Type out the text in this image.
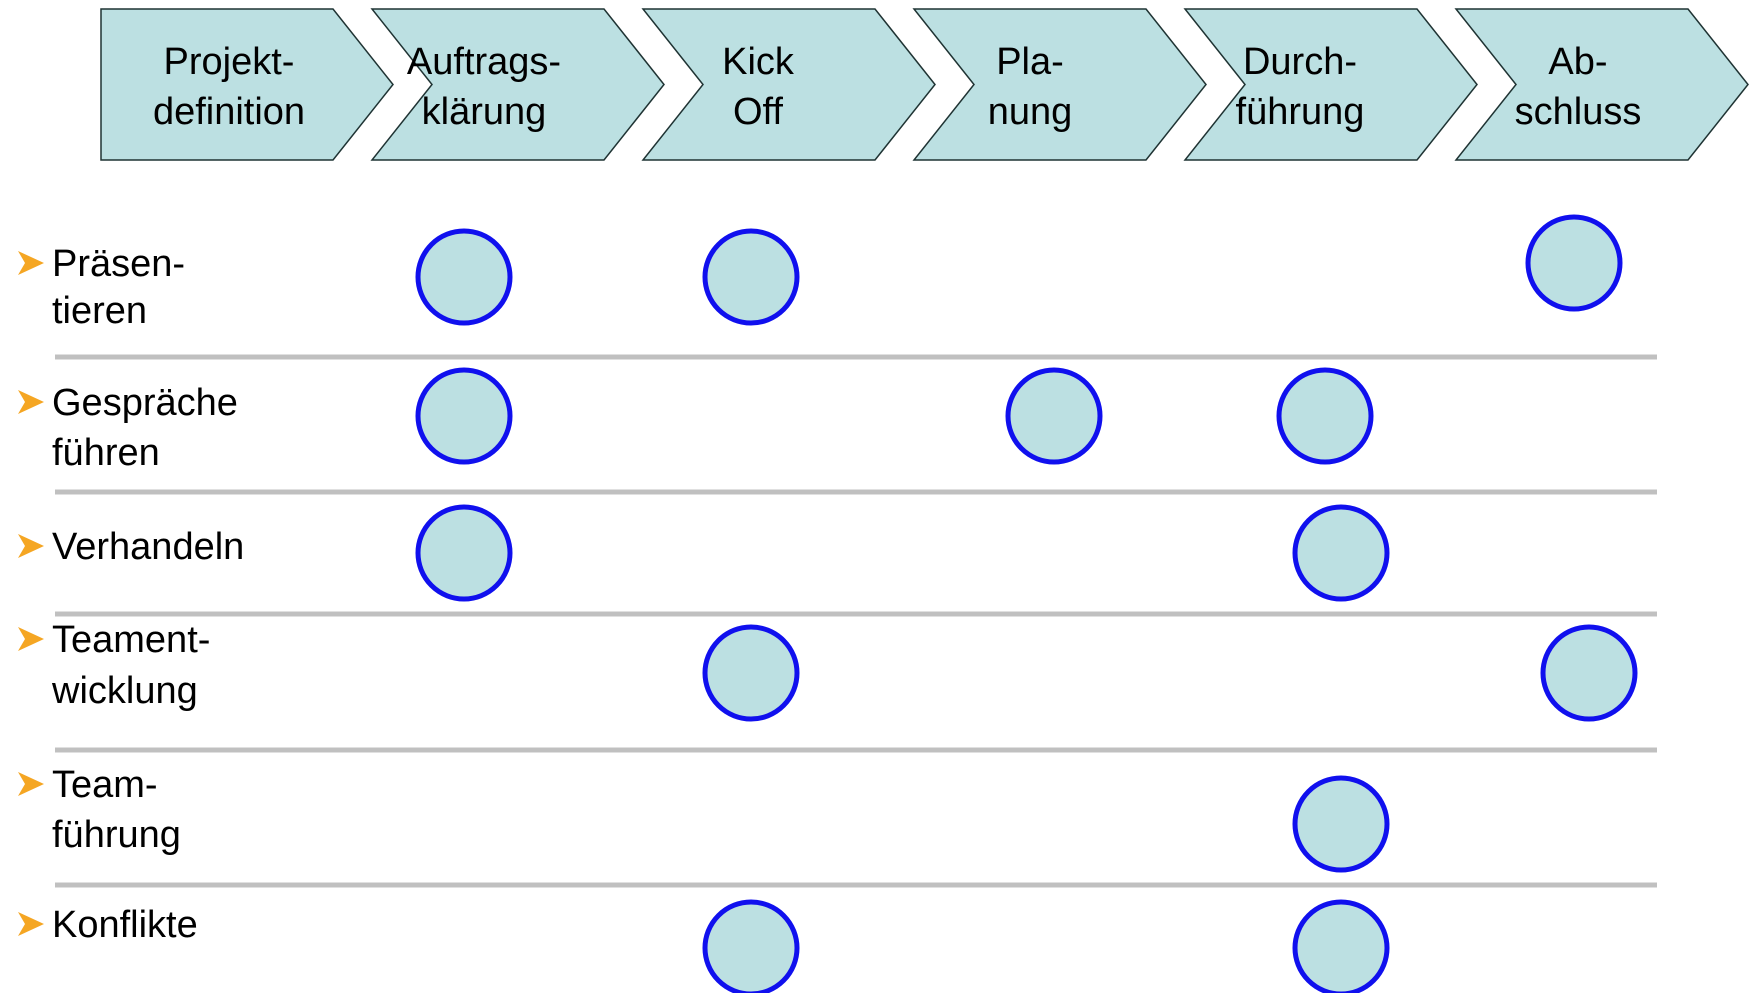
Projekt-
definition
Auftrags-
klärung
Kick
Off
Pla-
nung
Durch-
führung
Ab-
schluss
Präsen-
tieren
Gespräche
führen
Verhandeln
Teament-
wicklung
Team-
führung
Konflikte
